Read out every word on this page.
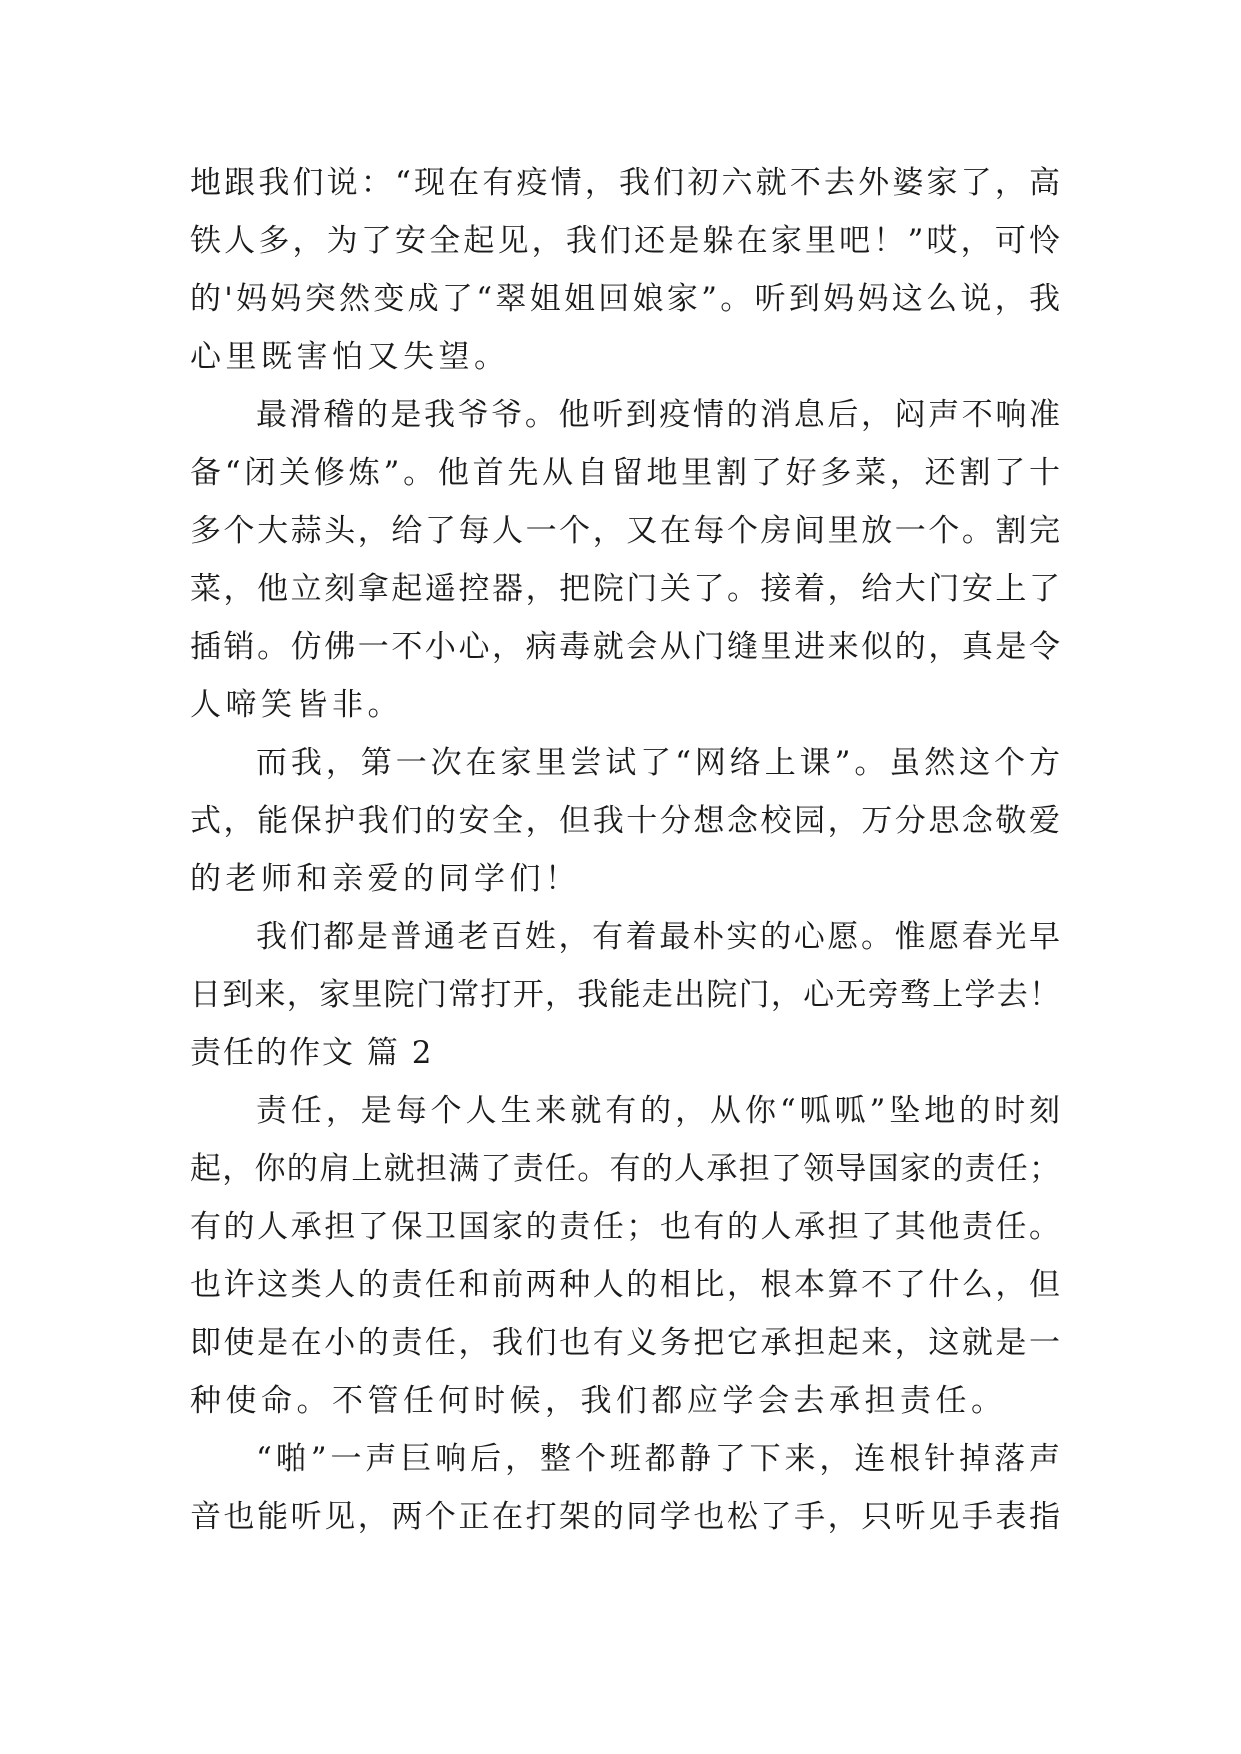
地跟我们说：“现在有疫情，我们初六就不去外婆家了，高
铁人多，为了安全起见，我们还是躲在家里吧！”哎，可怜
的'妈妈突然变成了“翠姐姐回娘家”。听到妈妈这么说，我
心里既害怕又失望。
最滑稽的是我爷爷。他听到疫情的消息后，闷声不响准
备“闭关修炼”。他首先从自留地里割了好多菜，还割了十
多个大蒜头，给了每人一个，又在每个房间里放一个。割完
菜，他立刻拿起遥控器，把院门关了。接着，给大门安上了
插销。仿佛一不小心，病毒就会从门缝里进来似的，真是令
人啼笑皆非。
而我，第一次在家里尝试了“网络上课”。虽然这个方
式，能保护我们的安全，但我十分想念校园，万分思念敬爱
的老师和亲爱的同学们！
我们都是普通老百姓，有着最朴实的心愿。惟愿春光早
日到来，家里院门常打开，我能走出院门，心无旁骛上学去！
责任的作文 篇 2
责任，是每个人生来就有的，从你“呱呱”坠地的时刻
起，你的肩上就担满了责任。有的人承担了领导国家的责任；
有的人承担了保卫国家的责任；也有的人承担了其他责任。
也许这类人的责任和前两种人的相比，根本算不了什么，但
即使是在小的责任，我们也有义务把它承担起来，这就是一
种使命。不管任何时候，我们都应学会去承担责任。
“啪”一声巨响后，整个班都静了下来，连根针掉落声
音也能听见，两个正在打架的同学也松了手，只听见手表指
